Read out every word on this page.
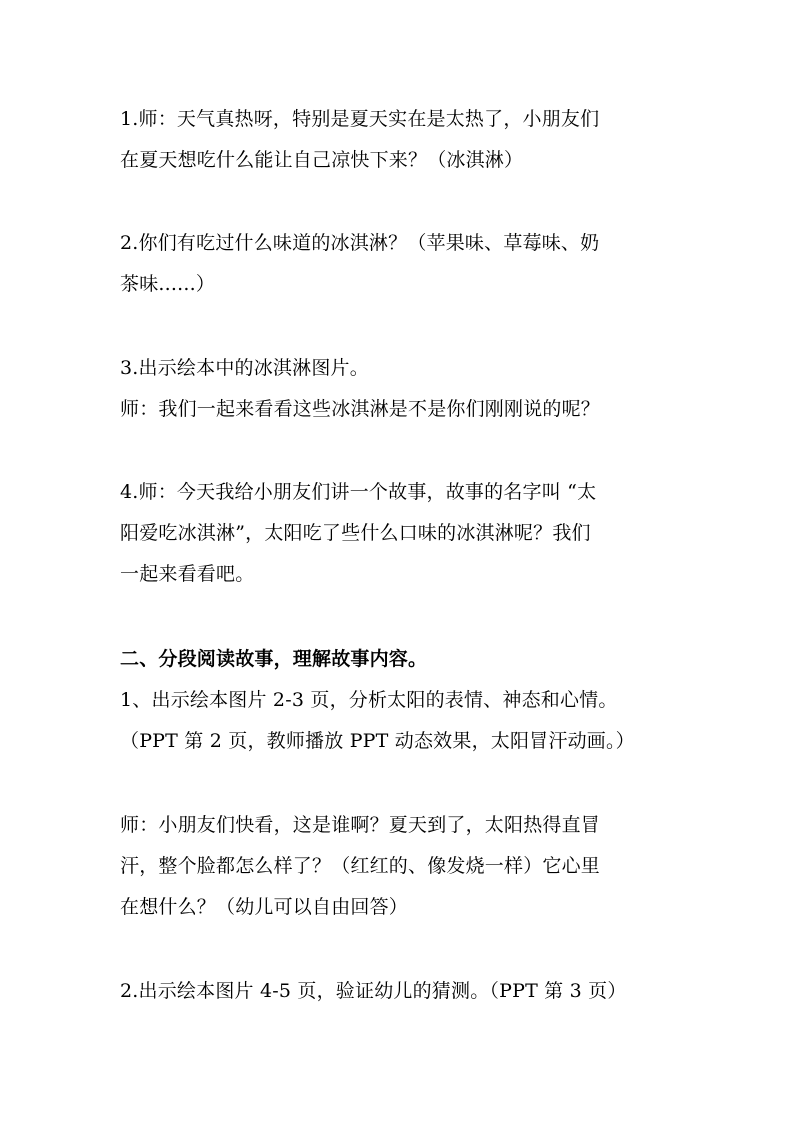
1.师：天气真热呀，特别是夏天实在是太热了，小朋友们
在夏天想吃什么能让自己凉快下来？（冰淇淋）
2.你们有吃过什么味道的冰淇淋？（苹果味、草莓味、奶
茶味......）
3.出示绘本中的冰淇淋图片。
师：我们一起来看看这些冰淇淋是不是你们刚刚说的呢？
4.师：今天我给小朋友们讲一个故事，故事的名字叫 “太
阳爱吃冰淇淋”，太阳吃了些什么口味的冰淇淋呢？我们
一起来看看吧。
二、分段阅读故事，理解故事内容。
1、出示绘本图片 2-3 页，分析太阳的表情、神态和心情。
（PPT 第 2 页，教师播放 PPT 动态效果，太阳冒汗动画。）
师：小朋友们快看，这是谁啊？夏天到了，太阳热得直冒
汗，整个脸都怎么样了？（红红的、像发烧一样）它心里
在想什么？（幼儿可以自由回答）
2.出示绘本图片 4-5 页，验证幼儿的猜测。（PPT 第 3 页）
